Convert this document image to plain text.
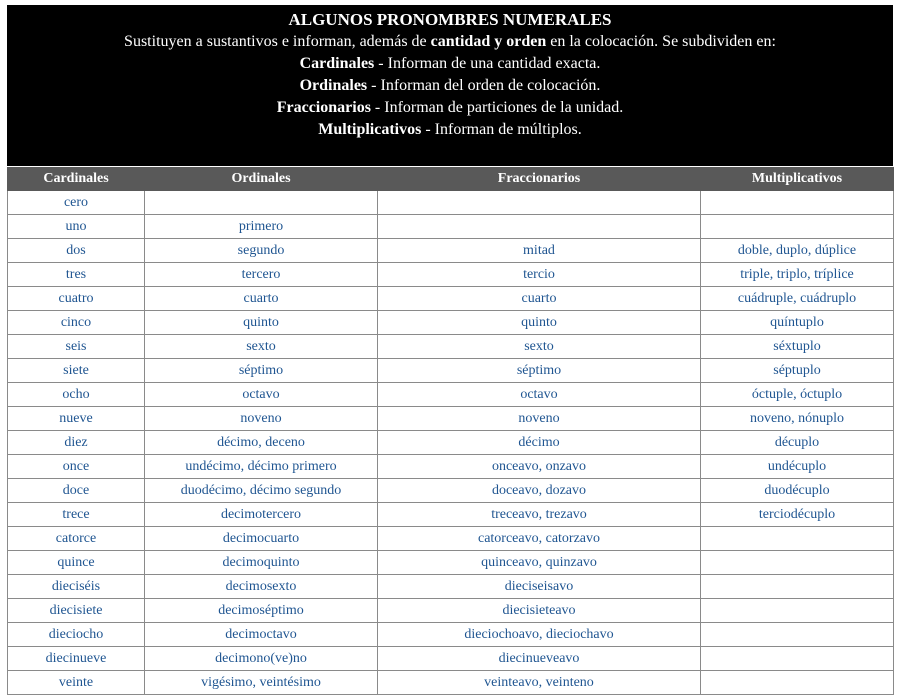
ALGUNOS PRONOMBRES NUMERALES
Sustituyen a sustantivos e informan, además de cantidad y orden en la colocación. Se subdividen en:
Cardinales - Informan de una cantidad exacta.
Ordinales - Informan del orden de colocación.
Fraccionarios - Informan de particiones de la unidad.
Multiplicativos - Informan de múltiplos.
Cardinales	Ordinales	Fraccionarios	Multiplicativos
cero			
uno	primero		
dos	segundo	mitad	doble, duplo, dúplice
tres	tercero	tercio	triple, triplo, tríplice
cuatro	cuarto	cuarto	cuádruple, cuádruplo
cinco	quinto	quinto	quíntuplo
seis	sexto	sexto	séxtuplo
siete	séptimo	séptimo	séptuplo
ocho	octavo	octavo	óctuple, óctuplo
nueve	noveno	noveno	noveno, nónuplo
diez	décimo, deceno	décimo	décuplo
once	undécimo, décimo primero	onceavo, onzavo	undécuplo
doce	duodécimo, décimo segundo	doceavo, dozavo	duodécuplo
trece	decimotercero	treceavo, trezavo	terciodécuplo
catorce	decimocuarto	catorceavo, catorzavo	
quince	decimoquinto	quinceavo, quinzavo	
dieciséis	decimosexto	dieciseisavo	
diecisiete	decimoséptimo	diecisieteavo	
dieciocho	decimoctavo	dieciochoavo, dieciochavo	
diecinueve	decimono(ve)no	diecinueveavo	
veinte	vigésimo, veintésimo	veinteavo, veinteno	
